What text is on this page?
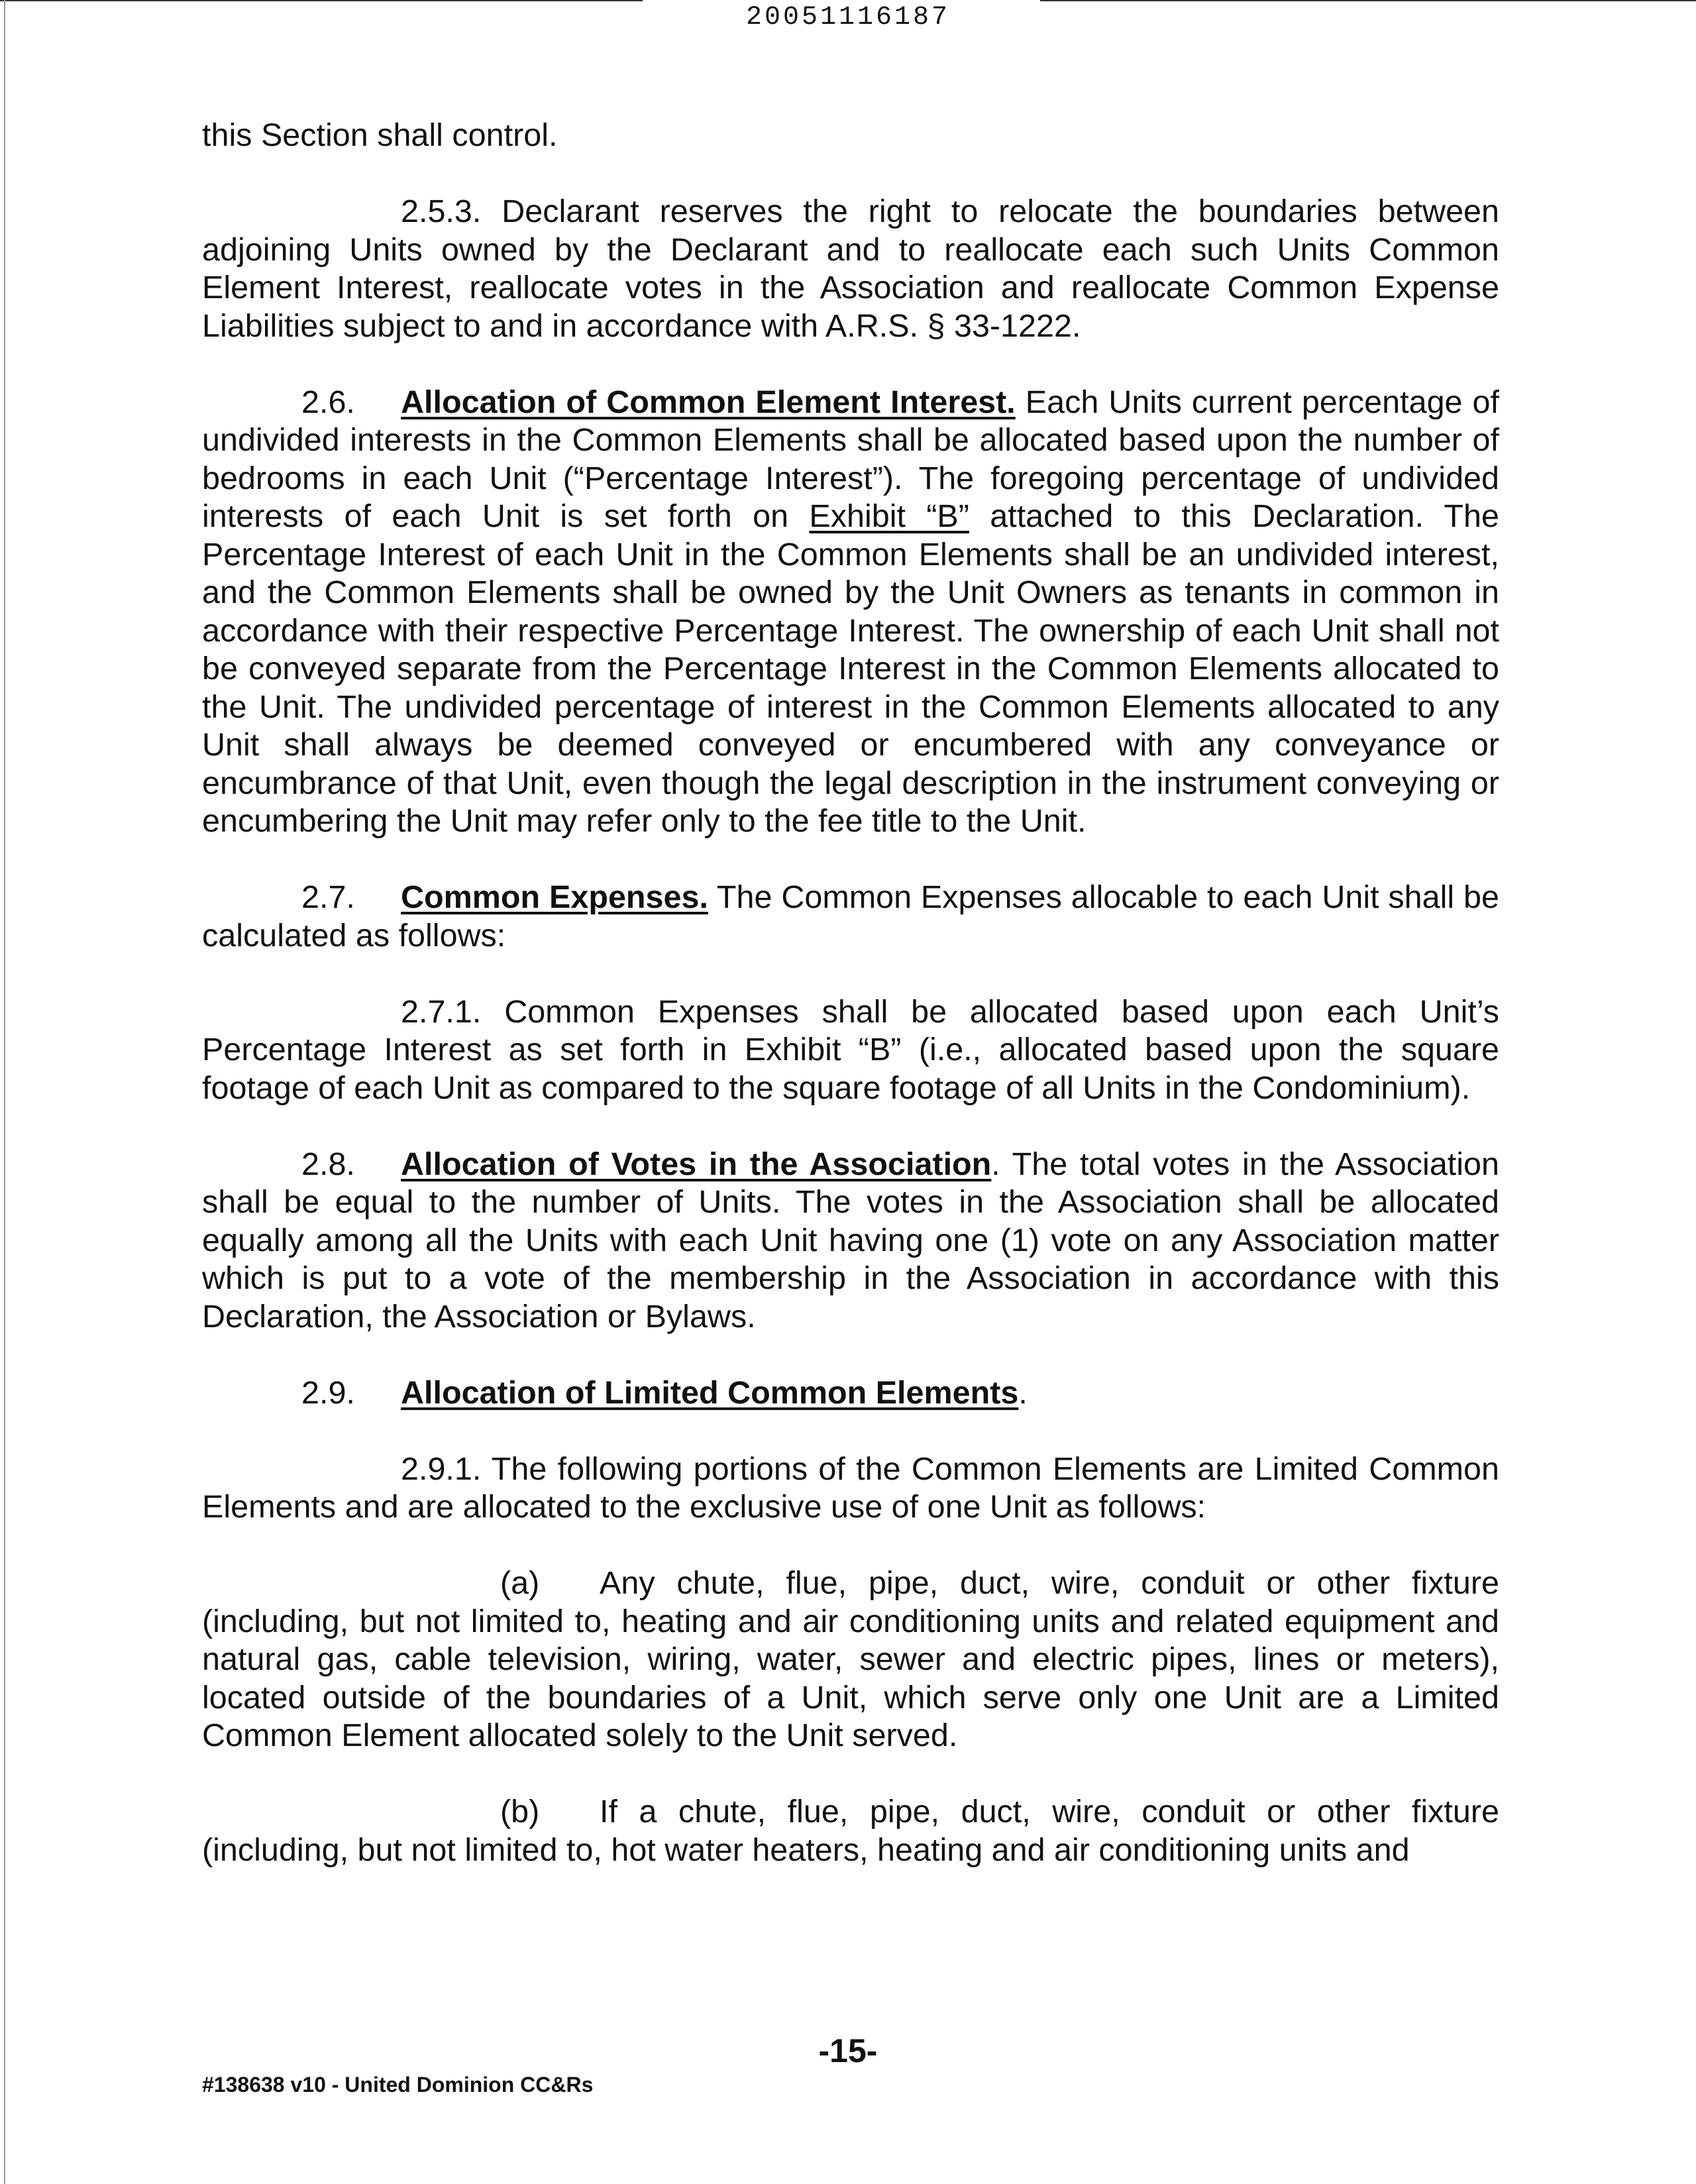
20051116187

this Section shall control.

2.5.3. Declarant reserves the right to relocate the boundaries between adjoining Units owned by the Declarant and to reallocate each such Units Common Element Interest, reallocate votes in the Association and reallocate Common Expense Liabilities subject to and in accordance with A.R.S. § 33-1222.

2.6. Allocation of Common Element Interest. Each Units current percentage of undivided interests in the Common Elements shall be allocated based upon the number of bedrooms in each Unit (“Percentage Interest”). The foregoing percentage of undivided interests of each Unit is set forth on Exhibit “B” attached to this Declaration. The Percentage Interest of each Unit in the Common Elements shall be an undivided interest, and the Common Elements shall be owned by the Unit Owners as tenants in common in accordance with their respective Percentage Interest. The ownership of each Unit shall not be conveyed separate from the Percentage Interest in the Common Elements allocated to the Unit. The undivided percentage of interest in the Common Elements allocated to any Unit shall always be deemed conveyed or encumbered with any conveyance or encumbrance of that Unit, even though the legal description in the instrument conveying or encumbering the Unit may refer only to the fee title to the Unit.

2.7. Common Expenses. The Common Expenses allocable to each Unit shall be calculated as follows:

2.7.1. Common Expenses shall be allocated based upon each Unit’s Percentage Interest as set forth in Exhibit “B” (i.e., allocated based upon the square footage of each Unit as compared to the square footage of all Units in the Condominium).

2.8. Allocation of Votes in the Association. The total votes in the Association shall be equal to the number of Units. The votes in the Association shall be allocated equally among all the Units with each Unit having one (1) vote on any Association matter which is put to a vote of the membership in the Association in accordance with this Declaration, the Association or Bylaws.

2.9. Allocation of Limited Common Elements.

2.9.1. The following portions of the Common Elements are Limited Common Elements and are allocated to the exclusive use of one Unit as follows:

(a) Any chute, flue, pipe, duct, wire, conduit or other fixture (including, but not limited to, heating and air conditioning units and related equipment and natural gas, cable television, wiring, water, sewer and electric pipes, lines or meters), located outside of the boundaries of a Unit, which serve only one Unit are a Limited Common Element allocated solely to the Unit served.

(b) If a chute, flue, pipe, duct, wire, conduit or other fixture (including, but not limited to, hot water heaters, heating and air conditioning units and

-15-
#138638 v10 - United Dominion CC&Rs
